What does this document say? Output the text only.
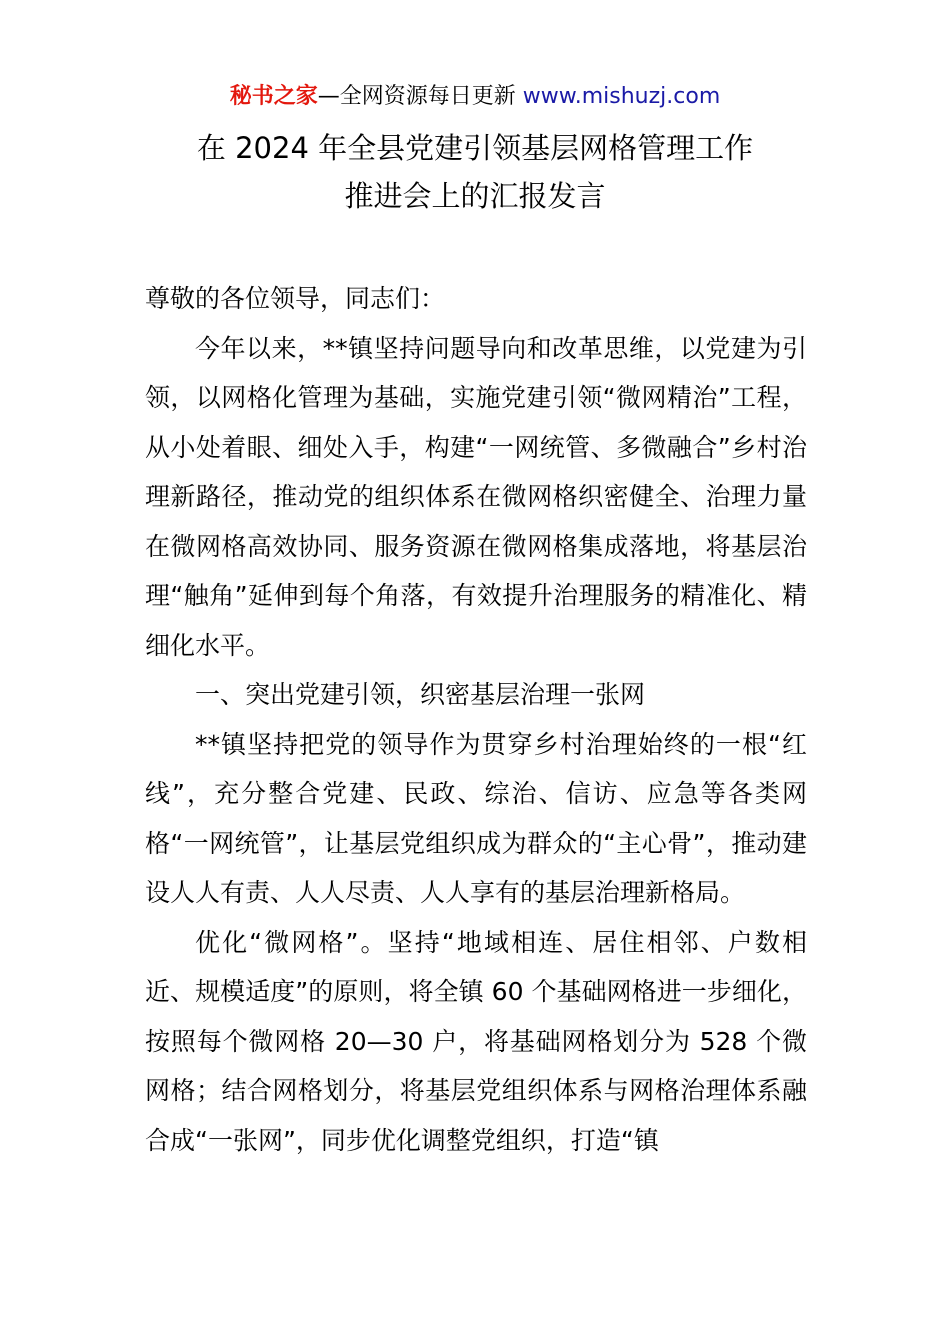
秘书之家—全网资源每日更新 www.mishuzj.com
在 2024 年全县党建引领基层网格管理工作
推进会上的汇报发言

尊敬的各位领导，同志们：

今年以来，**镇坚持问题导向和改革思维，以党建为引领，以网格化管理为基础，实施党建引领“微网精治”工程，从小处着眼、细处入手，构建“一网统管、多微融合”乡村治理新路径，推动党的组织体系在微网格织密健全、治理力量在微网格高效协同、服务资源在微网格集成落地，将基层治理“触角”延伸到每个角落，有效提升治理服务的精准化、精细化水平。

一、突出党建引领，织密基层治理一张网

**镇坚持把党的领导作为贯穿乡村治理始终的一根“红线”，充分整合党建、民政、综治、信访、应急等各类网格“一网统管”，让基层党组织成为群众的“主心骨”，推动建设人人有责、人人尽责、人人享有的基层治理新格局。

优化“微网格”。坚持“地域相连、居住相邻、户数相近、规模适度”的原则，将全镇 60 个基础网格进一步细化，按照每个微网格 20—30 户，将基础网格划分为 528 个微网格；结合网格划分，将基层党组织体系与网格治理体系融合成“一张网”，同步优化调整党组织，打造“镇
